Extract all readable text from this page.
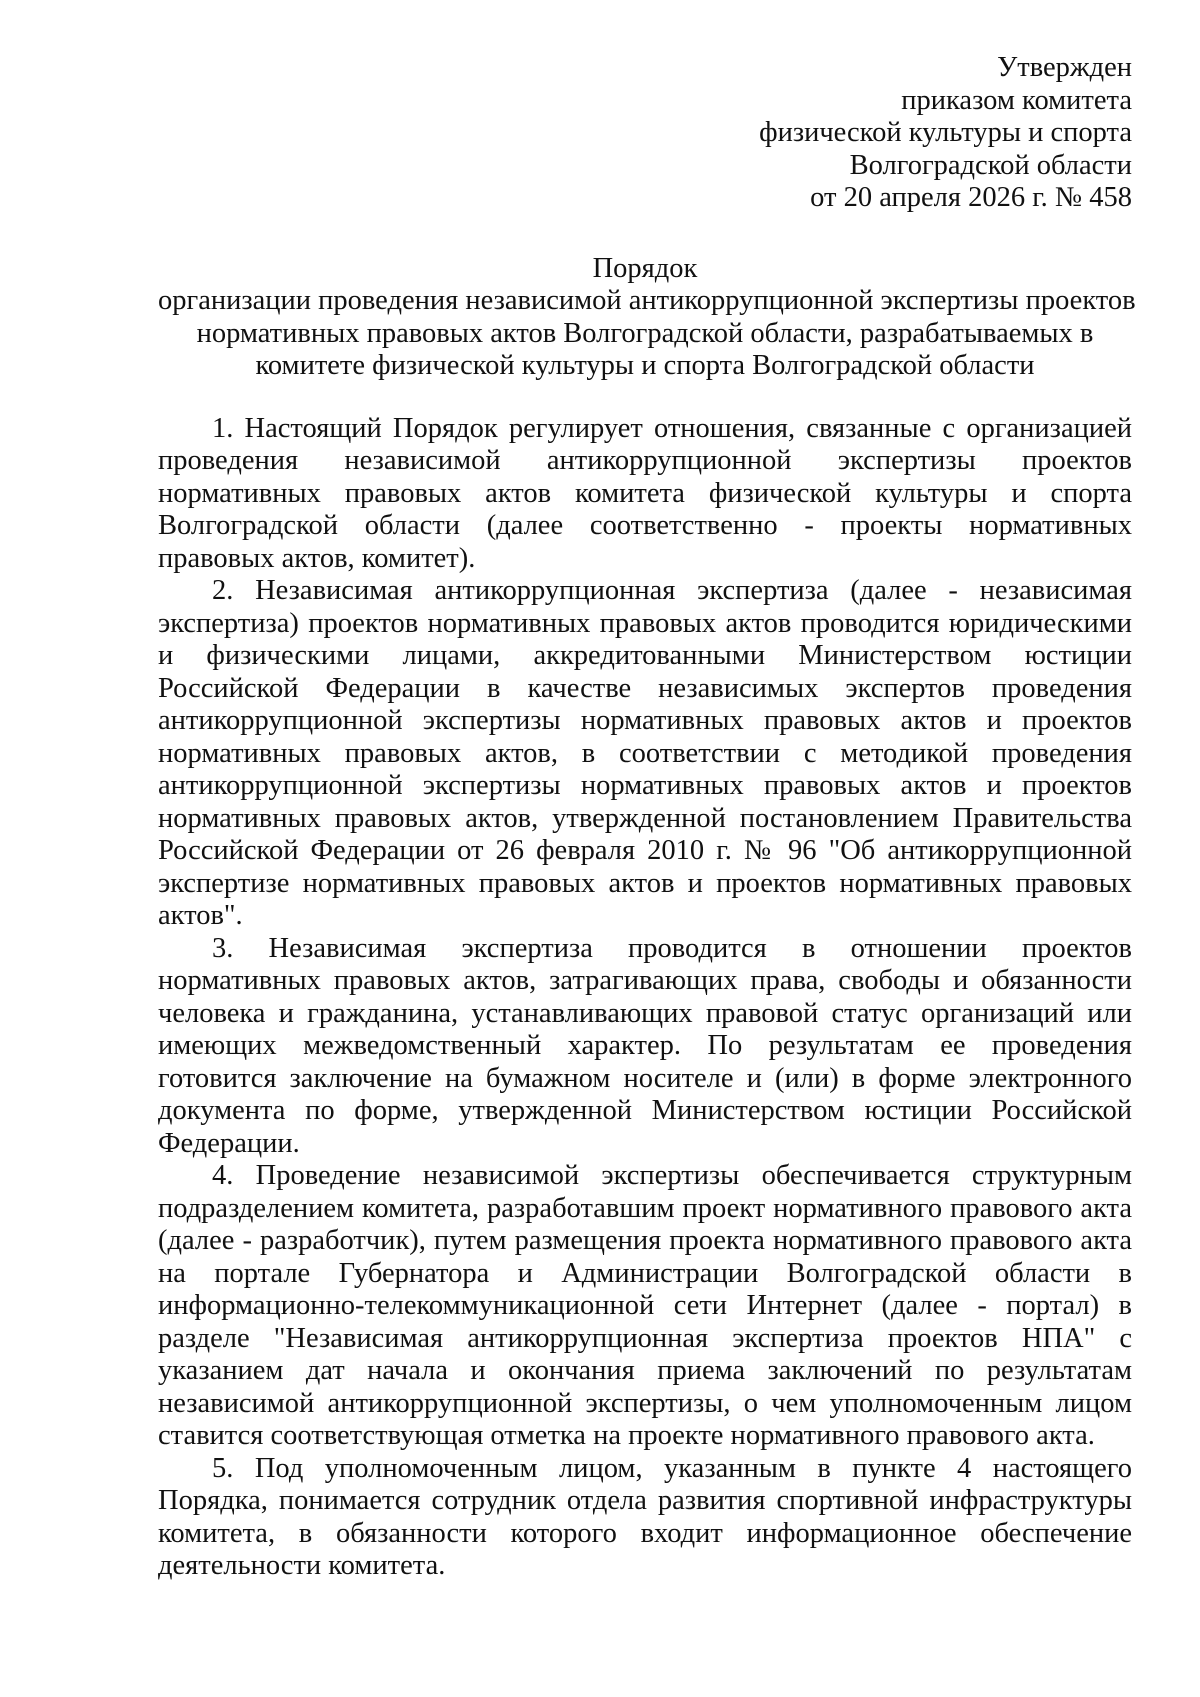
Утвержден
приказом комитета
физической культуры и спорта
Волгоградской области
от 20 апреля 2026 г. № 458
Порядок
организации проведения независимой антикоррупционной экспертизы проектов
нормативных правовых актов Волгоградской области, разрабатываемых в
комитете физической культуры и спорта Волгоградской области

1. Настоящий Порядок регулирует отношения, связанные с организацией проведения независимой антикоррупционной экспертизы проектов нормативных правовых актов комитета физической культуры и спорта Волгоградской области (далее соответственно - проекты нормативных правовых актов, комитет).

2. Независимая антикоррупционная экспертиза (далее - независимая экспертиза) проектов нормативных правовых актов проводится юридическими и физическими лицами, аккредитованными Министерством юстиции Российской Федерации в качестве независимых экспертов проведения антикоррупционной экспертизы нормативных правовых актов и проектов нормативных правовых актов, в соответствии с методикой проведения антикоррупционной экспертизы нормативных правовых актов и проектов нормативных правовых актов, утвержденной постановлением Правительства Российской Федерации от 26 февраля 2010 г. № 96 "Об антикоррупционной экспертизе нормативных правовых актов и проектов нормативных правовых актов".

3. Независимая экспертиза проводится в отношении проектов нормативных правовых актов, затрагивающих права, свободы и обязанности человека и гражданина, устанавливающих правовой статус организаций или имеющих межведомственный характер. По результатам ее проведения готовится заключение на бумажном носителе и (или) в форме электронного документа по форме, утвержденной Министерством юстиции Российской Федерации.

4. Проведение независимой экспертизы обеспечивается структурным подразделением комитета, разработавшим проект нормативного правового акта (далее - разработчик), путем размещения проекта нормативного правового акта на портале Губернатора и Администрации Волгоградской области в информационно-телекоммуникационной сети Интернет (далее - портал) в разделе "Независимая антикоррупционная экспертиза проектов НПА" с указанием дат начала и окончания приема заключений по результатам независимой антикоррупционной экспертизы, о чем уполномоченным лицом ставится соответствующая отметка на проекте нормативного правового акта.

5. Под уполномоченным лицом, указанным в пункте 4 настоящего Порядка, понимается сотрудник отдела развития спортивной инфраструктуры комитета, в обязанности которого входит информационное обеспечение деятельности комитета.
